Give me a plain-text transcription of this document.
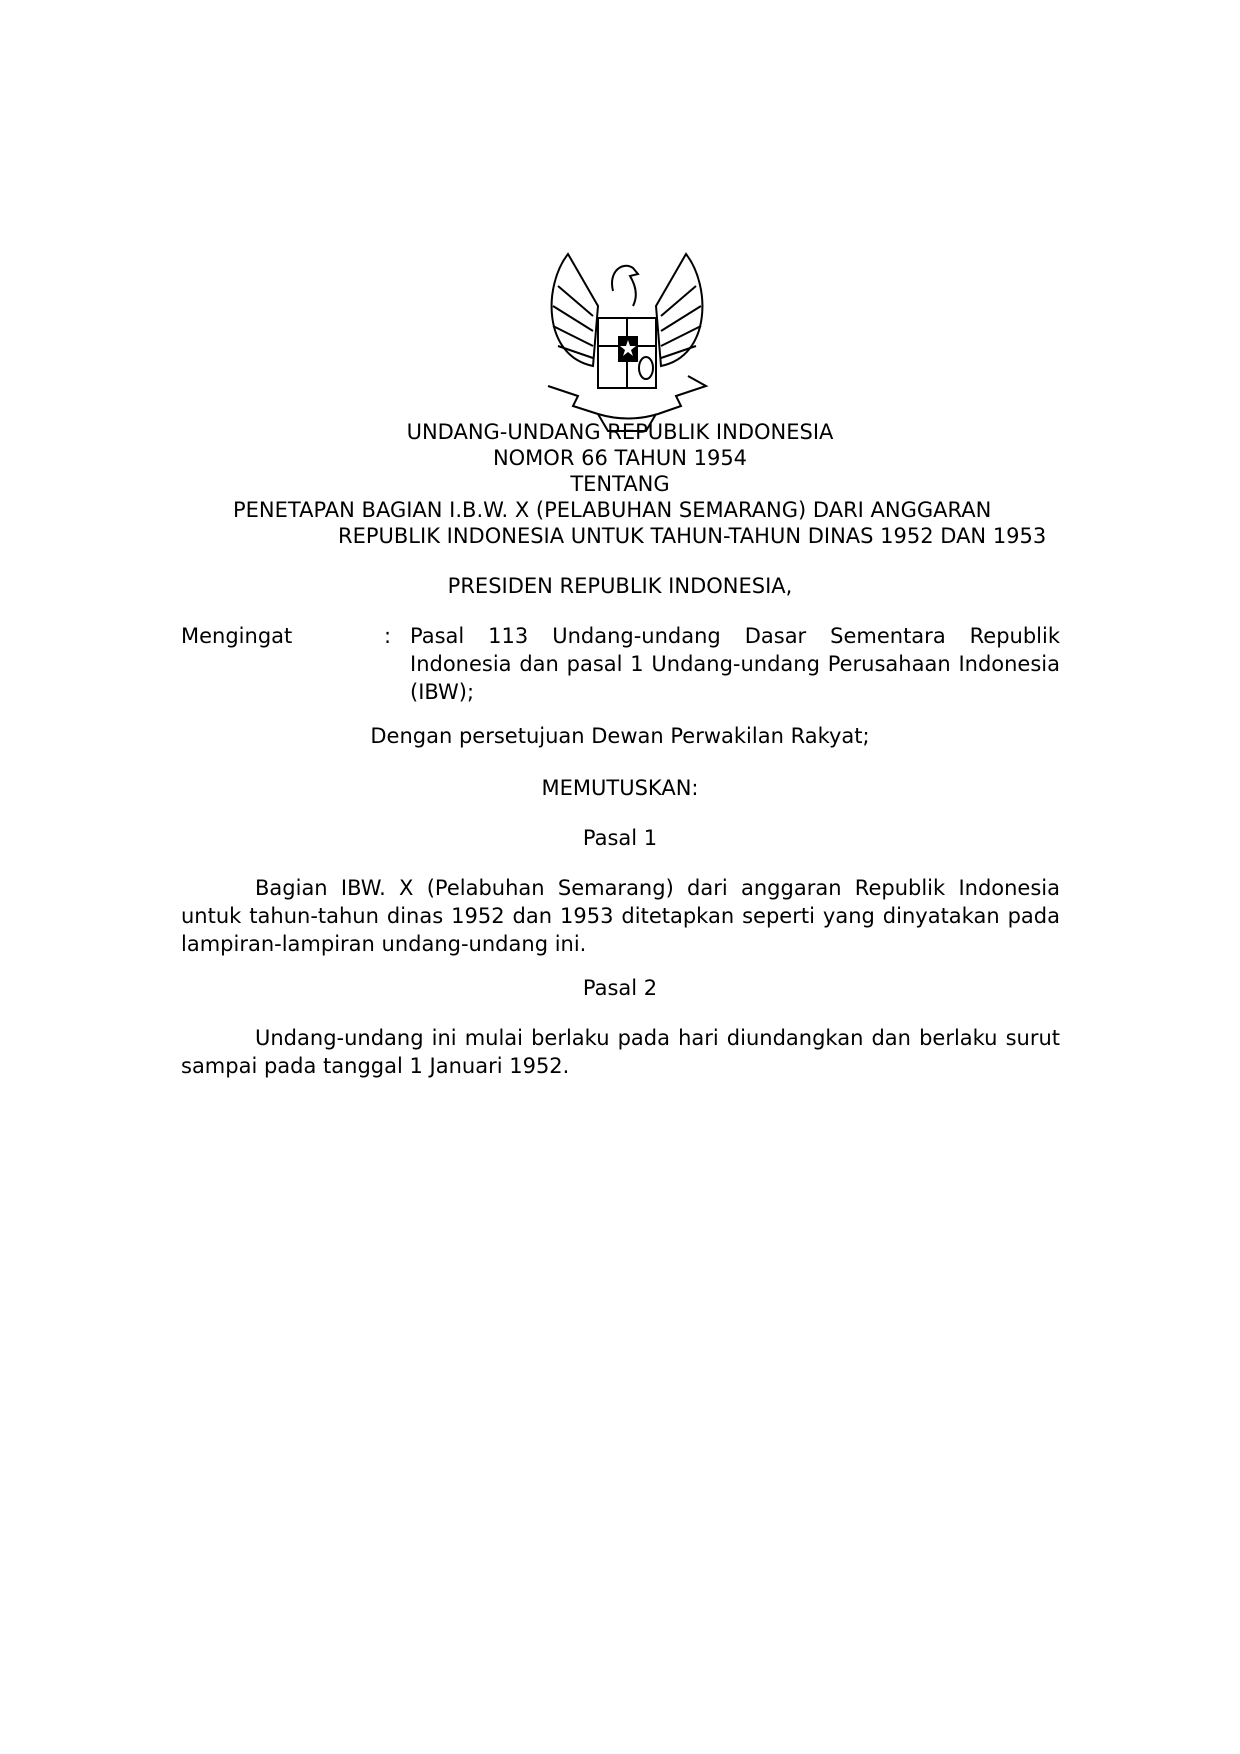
UNDANG-UNDANG REPUBLIK INDONESIA
NOMOR 66 TAHUN 1954
TENTANG
PENETAPAN BAGIAN I.B.W. X (PELABUHAN SEMARANG) DARI ANGGARAN
REPUBLIK INDONESIA UNTUK TAHUN-TAHUN DINAS 1952 DAN 1953
PRESIDEN REPUBLIK INDONESIA,
Mengingat	: Pasal 113 Undang-undang Dasar Sementara Republik Indonesia dan pasal 1 Undang-undang Perusahaan Indonesia (IBW);
Dengan persetujuan Dewan Perwakilan Rakyat;
MEMUTUSKAN:
Pasal 1
Bagian IBW. X (Pelabuhan Semarang) dari anggaran Republik Indonesia untuk tahun-tahun dinas 1952 dan 1953 ditetapkan seperti yang dinyatakan pada lampiran-lampiran undang-undang ini.
Pasal 2
Undang-undang ini mulai berlaku pada hari diundangkan dan berlaku surut sampai pada tanggal 1 Januari 1952.
